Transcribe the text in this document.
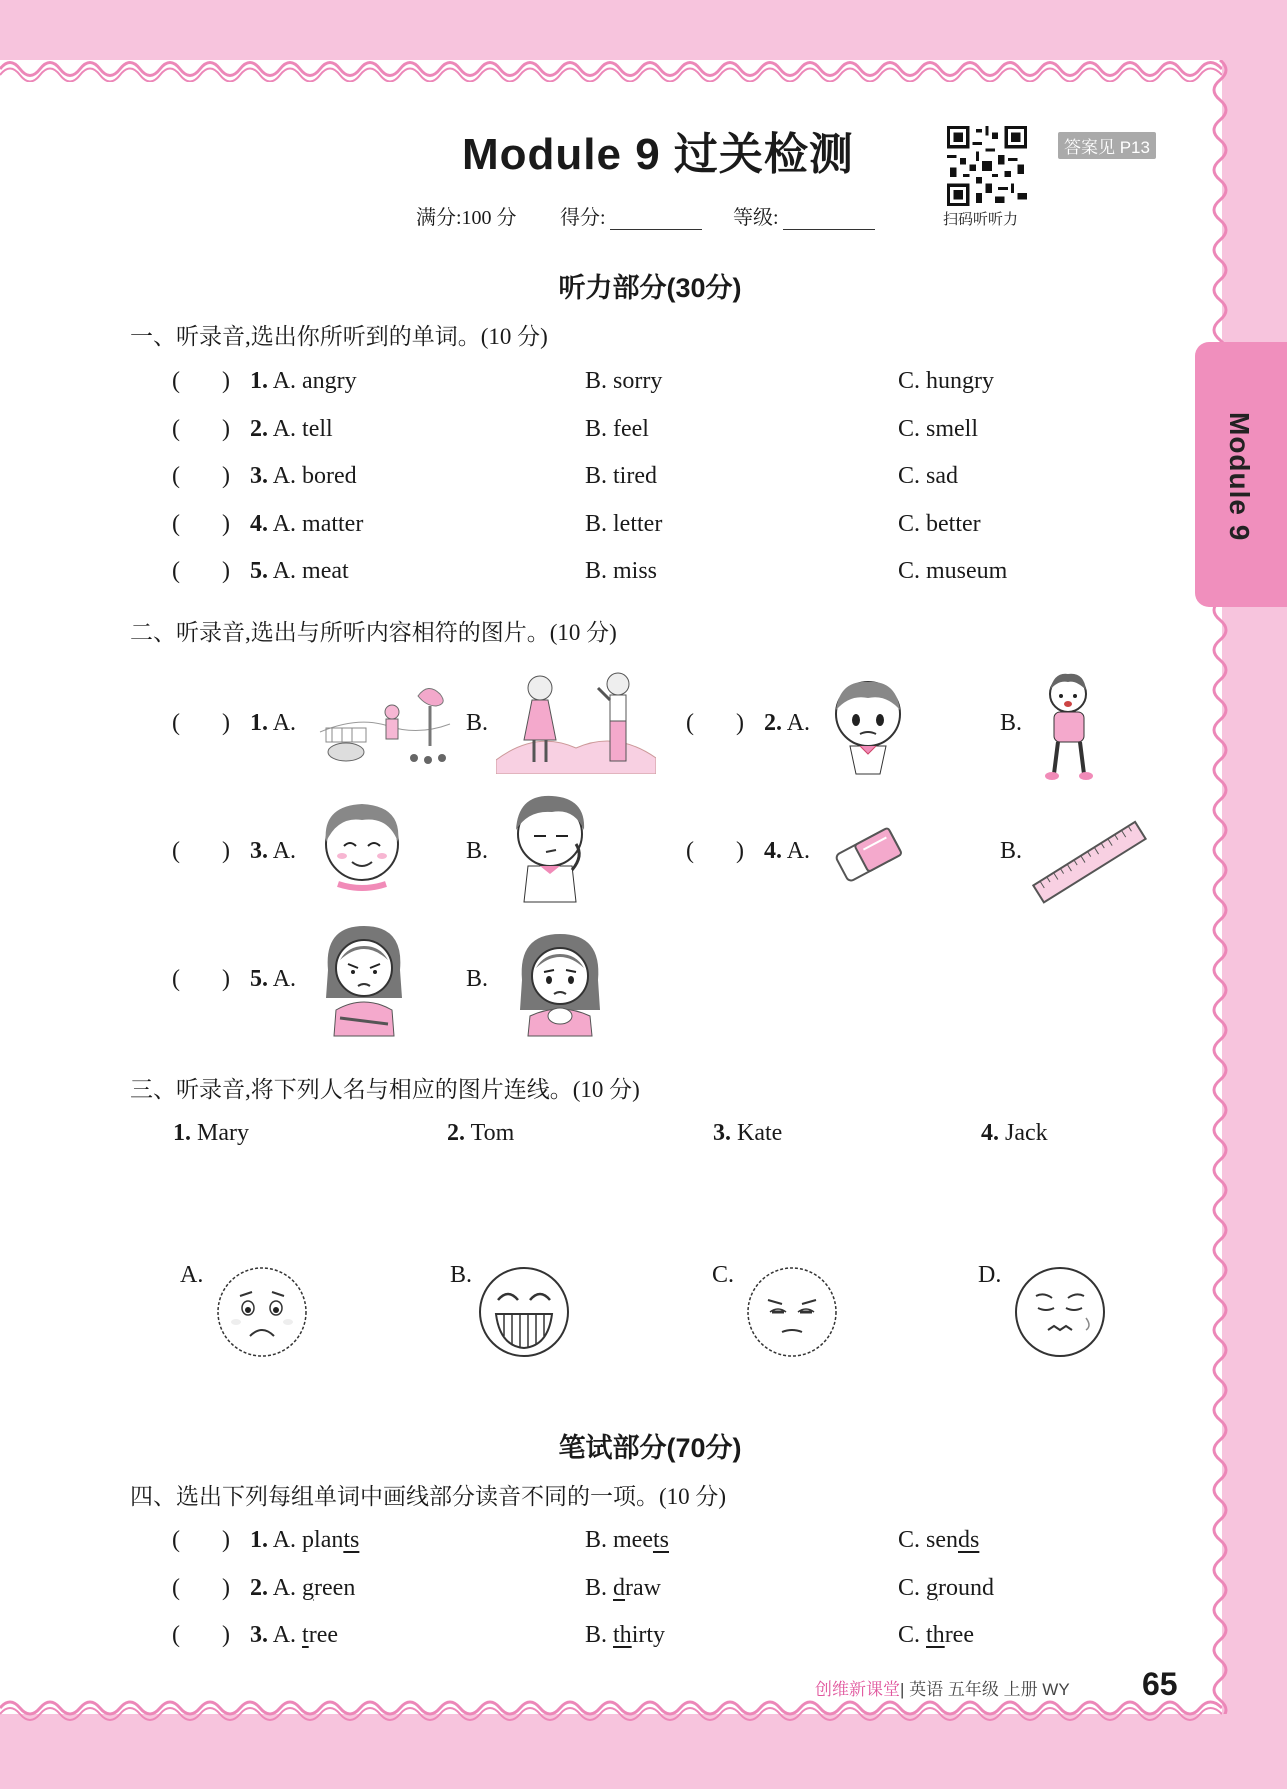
Module 9
Module 9 过关检测
满分:100 分 得分:	等级:
答案见 P13
扫码听听力
听力部分(30分)
一、听录音,选出你所听到的单词。(10 分)
(       ) 1. A. angry	B. sorry	C. hungry
(       ) 2. A. tell	B. feel	C. smell
(       ) 3. A. bored	B. tired	C. sad
(       ) 4. A. matter	B. letter	C. better
(       ) 5. A. meat	B. miss	C. museum
二、听录音,选出与所听内容相符的图片。(10 分)
(       ) 1. A.	B.	(       ) 2. A.	B.
(       ) 3. A.	B.	(       ) 4. A.	B.
(       ) 5. A.	B.
三、听录音,将下列人名与相应的图片连线。(10 分)
1. Mary	2. Tom	3. Kate	4. Jack
A.	B.	C.	D.
笔试部分(70分)
四、选出下列每组单词中画线部分读音不同的一项。(10 分)
(       ) 1. A. plants	B. meets	C. sends
(       ) 2. A. green	B. draw	C. ground
(       ) 3. A. tree	B. thirty	C. three
创维新课堂| 英语 五年级 上册 WY 65
